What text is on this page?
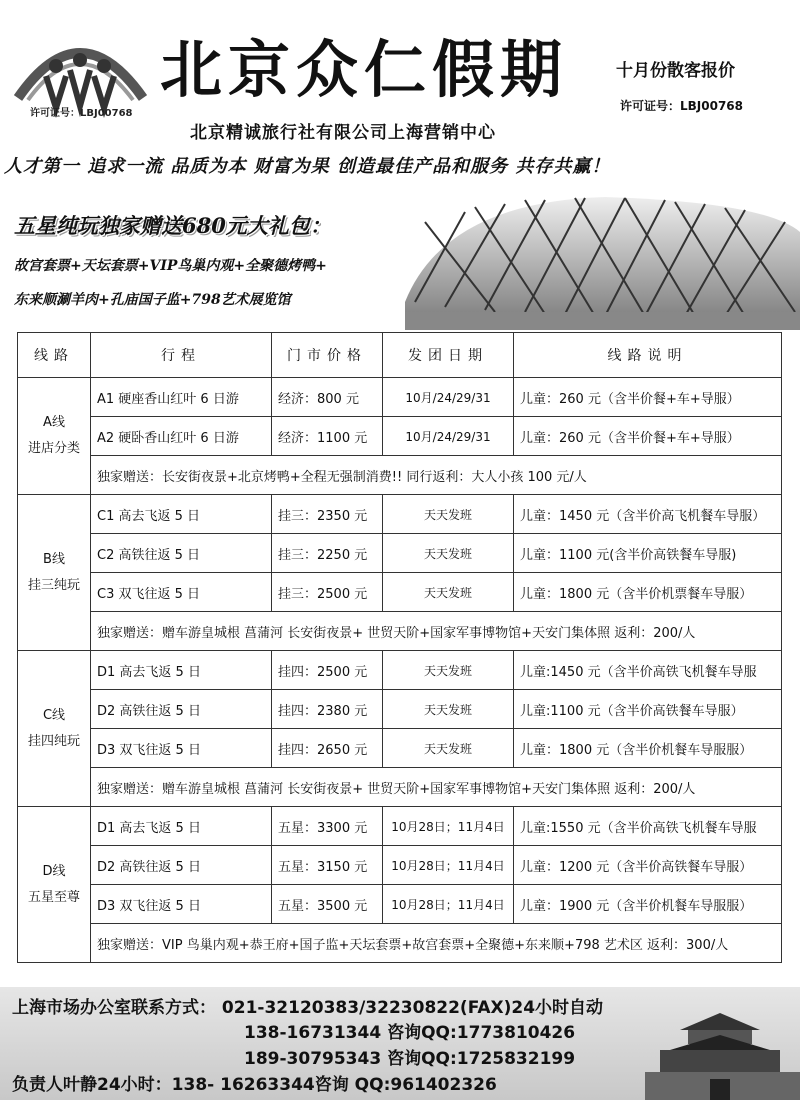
许可证号：LBJ00768
北京众仁假期	十月份散客报价
许可证号：LBJ00768
北京精诚旅行社有限公司上海营销中心
人才第一 追求一流 品质为本 财富为果 创造最佳产品和服务 共存共赢！
五星纯玩独家赠送680元大礼包：
故宫套票+天坛套票+VIP鸟巢内观+全聚德烤鸭+
东来顺涮羊肉+孔庙国子监+798艺术展览馆
线路	行程	门市价格	发团日期	线路说明

A线
进店分类	A1 硬座香山红叶 6 日游	经济：800 元	10月/24/29/31	儿童：260 元（含半价餐+车+导服）
	A2 硬卧香山红叶 6 日游	经济：1100 元	10月/24/29/31	儿童：260 元（含半价餐+车+导服）
	独家赠送：长安街夜景+北京烤鸭+全程无强制消费!! 同行返利：大人小孩 100 元/人			

B线
挂三纯玩	C1 高去飞返 5 日	挂三：2350 元	天天发班	儿童：1450 元（含半价高飞机餐车导服）
	C2 高铁往返 5 日	挂三：2250 元	天天发班	儿童：1100 元(含半价高铁餐车导服)
	C3 双飞往返 5 日	挂三：2500 元	天天发班	儿童：1800 元（含半价机票餐车导服）
	独家赠送：赠车游皇城根 菖蒲河 长安街夜景+ 世贸天阶+国家军事博物馆+天安门集体照 返利：200/人			

C线
挂四纯玩	D1 高去飞返 5 日	挂四：2500 元	天天发班	儿童:1450 元（含半价高铁飞机餐车导服
	D2 高铁往返 5 日	挂四：2380 元	天天发班	儿童:1100 元（含半价高铁餐车导服）
	D3 双飞往返 5 日	挂四：2650 元	天天发班	儿童：1800 元（含半价机餐车导服服）
	独家赠送：赠车游皇城根 菖蒲河 长安街夜景+ 世贸天阶+国家军事博物馆+天安门集体照 返利：200/人			

D线
五星至尊	D1 高去飞返 5 日	五星：3300 元	10月28日；11月4日	儿童:1550 元（含半价高铁飞机餐车导服
	D2 高铁往返 5 日	五星：3150 元	10月28日；11月4日	儿童：1200 元（含半价高铁餐车导服）
	D3 双飞往返 5 日	五星：3500 元	10月28日；11月4日	儿童：1900 元（含半价机餐车导服服）
	独家赠送：VIP 鸟巢内观+恭王府+国子监+天坛套票+故宫套票+全聚德+东来顺+798 艺术区 返利：300/人			
上海市场办公室联系方式： 021-32120383/32230822(FAX)24小时自动
138-16731344 咨询QQ:1773810426
189-30795343 咨询QQ:1725832199
负责人叶静24小时：138- 16263344咨询 QQ:961402326
